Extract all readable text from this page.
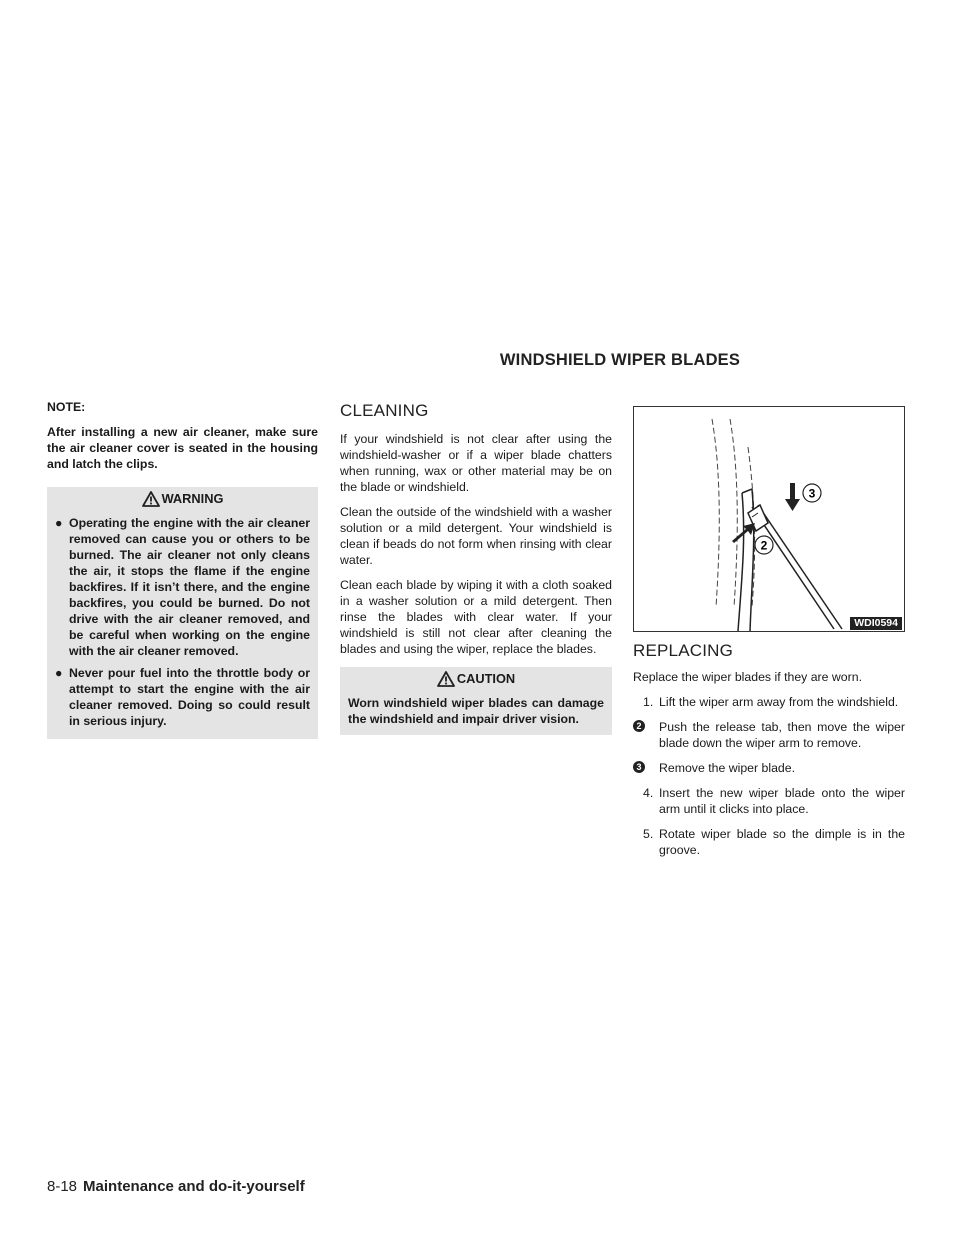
WINDSHIELD WIPER BLADES

NOTE:

After installing a new air cleaner, make sure the air cleaner cover is seated in the housing and latch the clips.

WARNING
● Operating the engine with the air cleaner removed can cause you or others to be burned. The air cleaner not only cleans the air, it stops the flame if the engine backfires. If it isn’t there, and the engine backfires, you could be burned. Do not drive with the air cleaner removed, and be careful when working on the engine with the air cleaner removed.
● Never pour fuel into the throttle body or attempt to start the engine with the air cleaner removed. Doing so could result in serious injury.
CLEANING

If your windshield is not clear after using the windshield-washer or if a wiper blade chatters when running, wax or other material may be on the blade or windshield.

Clean the outside of the windshield with a washer solution or a mild detergent. Your windshield is clean if beads do not form when rinsing with clear water.

Clean each blade by wiping it with a cloth soaked in a washer solution or a mild detergent. Then rinse the blades with clear water. If your windshield is still not clear after cleaning the blades and using the wiper, replace the blades.

CAUTION

Worn windshield wiper blades can damage the windshield and impair driver vision.

3
2
WDI0594
REPLACING

Replace the wiper blades if they are worn.

1. Lift the wiper arm away from the windshield.
2 Push the release tab, then move the wiper blade down the wiper arm to remove.
3 Remove the wiper blade.
4. Insert the new wiper blade onto the wiper arm until it clicks into place.
5. Rotate wiper blade so the dimple is in the groove.
8-18 Maintenance and do-it-yourself
